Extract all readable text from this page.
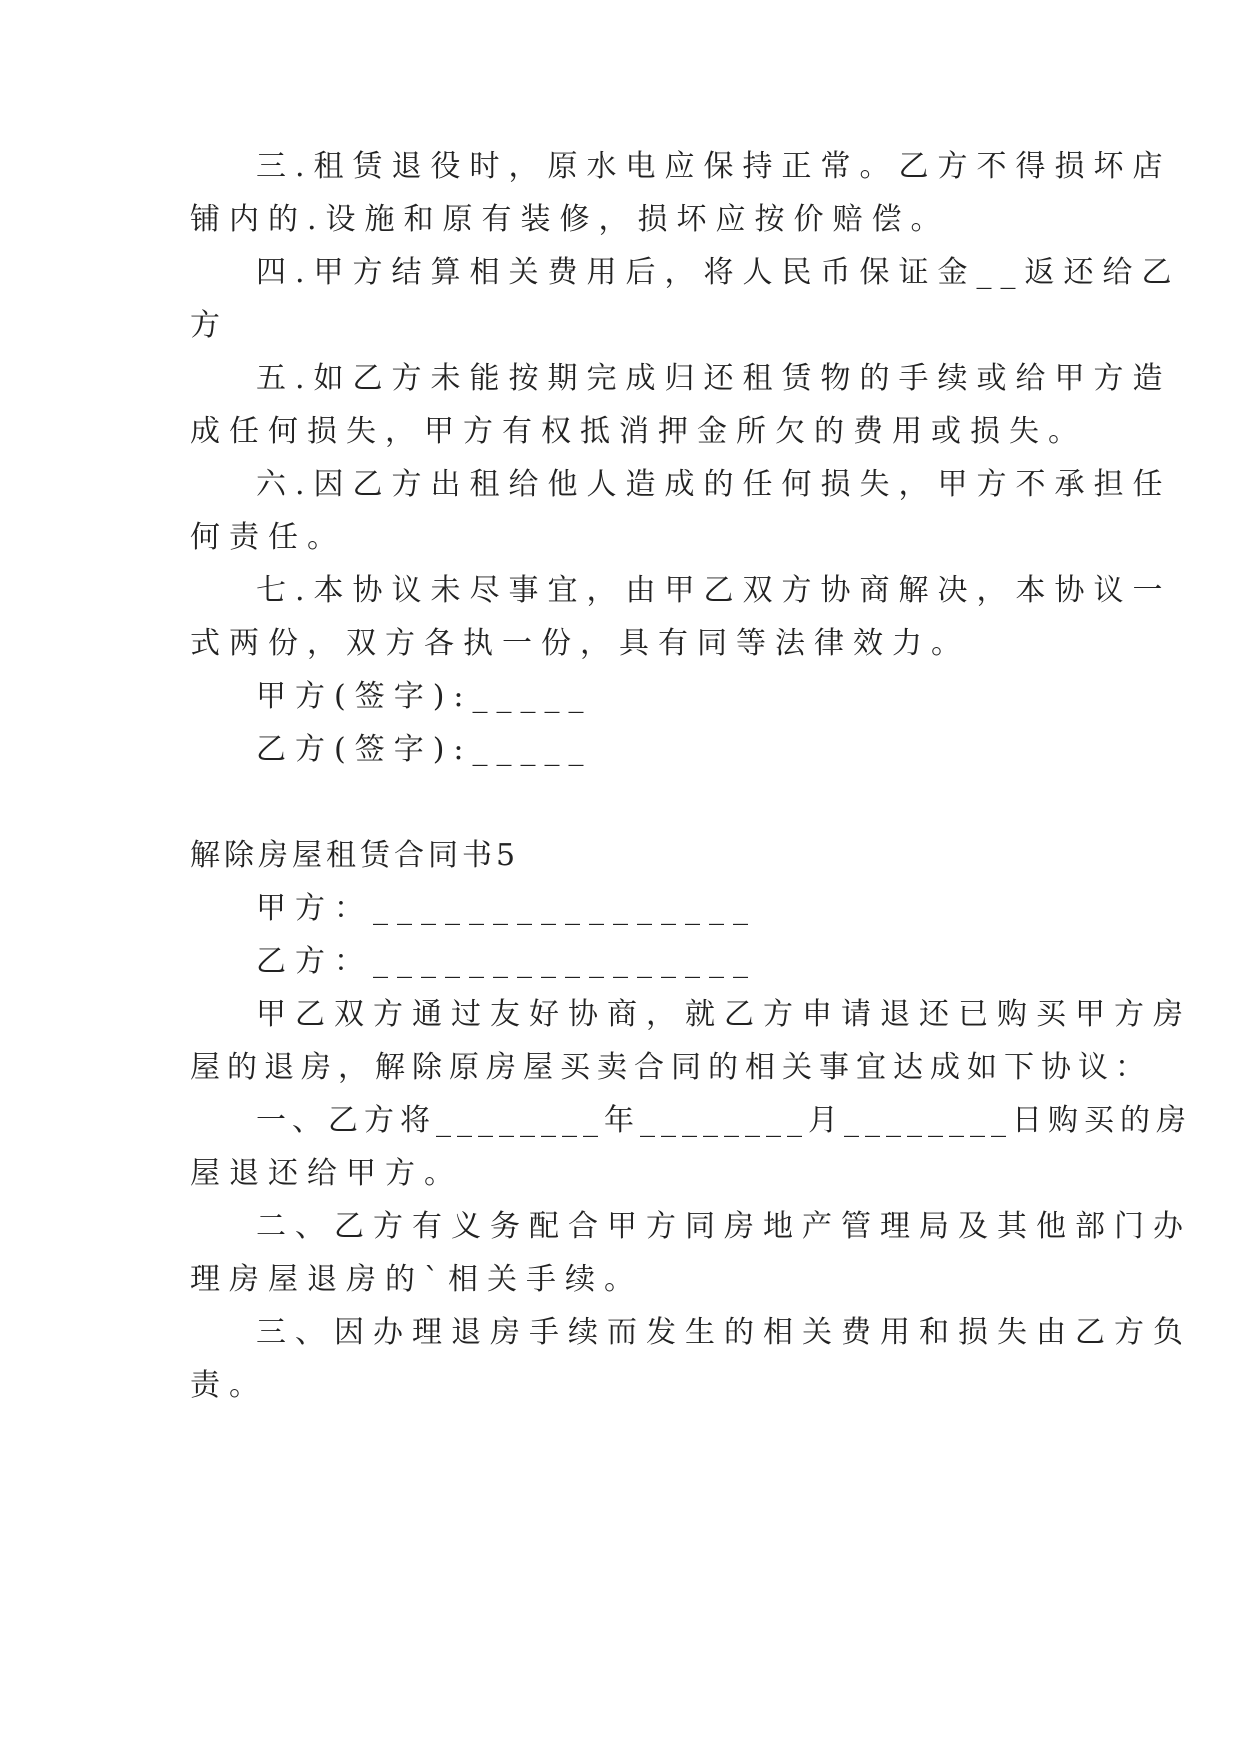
三.租赁退役时，原水电应保持正常。乙方不得损坏店
铺内的.设施和原有装修，损坏应按价赔偿。
四.甲方结算相关费用后，将人民币保证金__返还给乙
方
五.如乙方未能按期完成归还租赁物的手续或给甲方造
成任何损失，甲方有权抵消押金所欠的费用或损失。
六.因乙方出租给他人造成的任何损失，甲方不承担任
何责任。
七.本协议未尽事宜，由甲乙双方协商解决，本协议一
式两份，双方各执一份，具有同等法律效力。
甲方(签字):_____
乙方(签字):_____
解除房屋租赁合同书5
甲方：________________
乙方：________________
甲乙双方通过友好协商，就乙方申请退还已购买甲方房
屋的退房，解除原房屋买卖合同的相关事宜达成如下协议：
一、乙方将________年________月________日购买的房
屋退还给甲方。
二、乙方有义务配合甲方同房地产管理局及其他部门办
理房屋退房的`相关手续。
三、因办理退房手续而发生的相关费用和损失由乙方负
责。
